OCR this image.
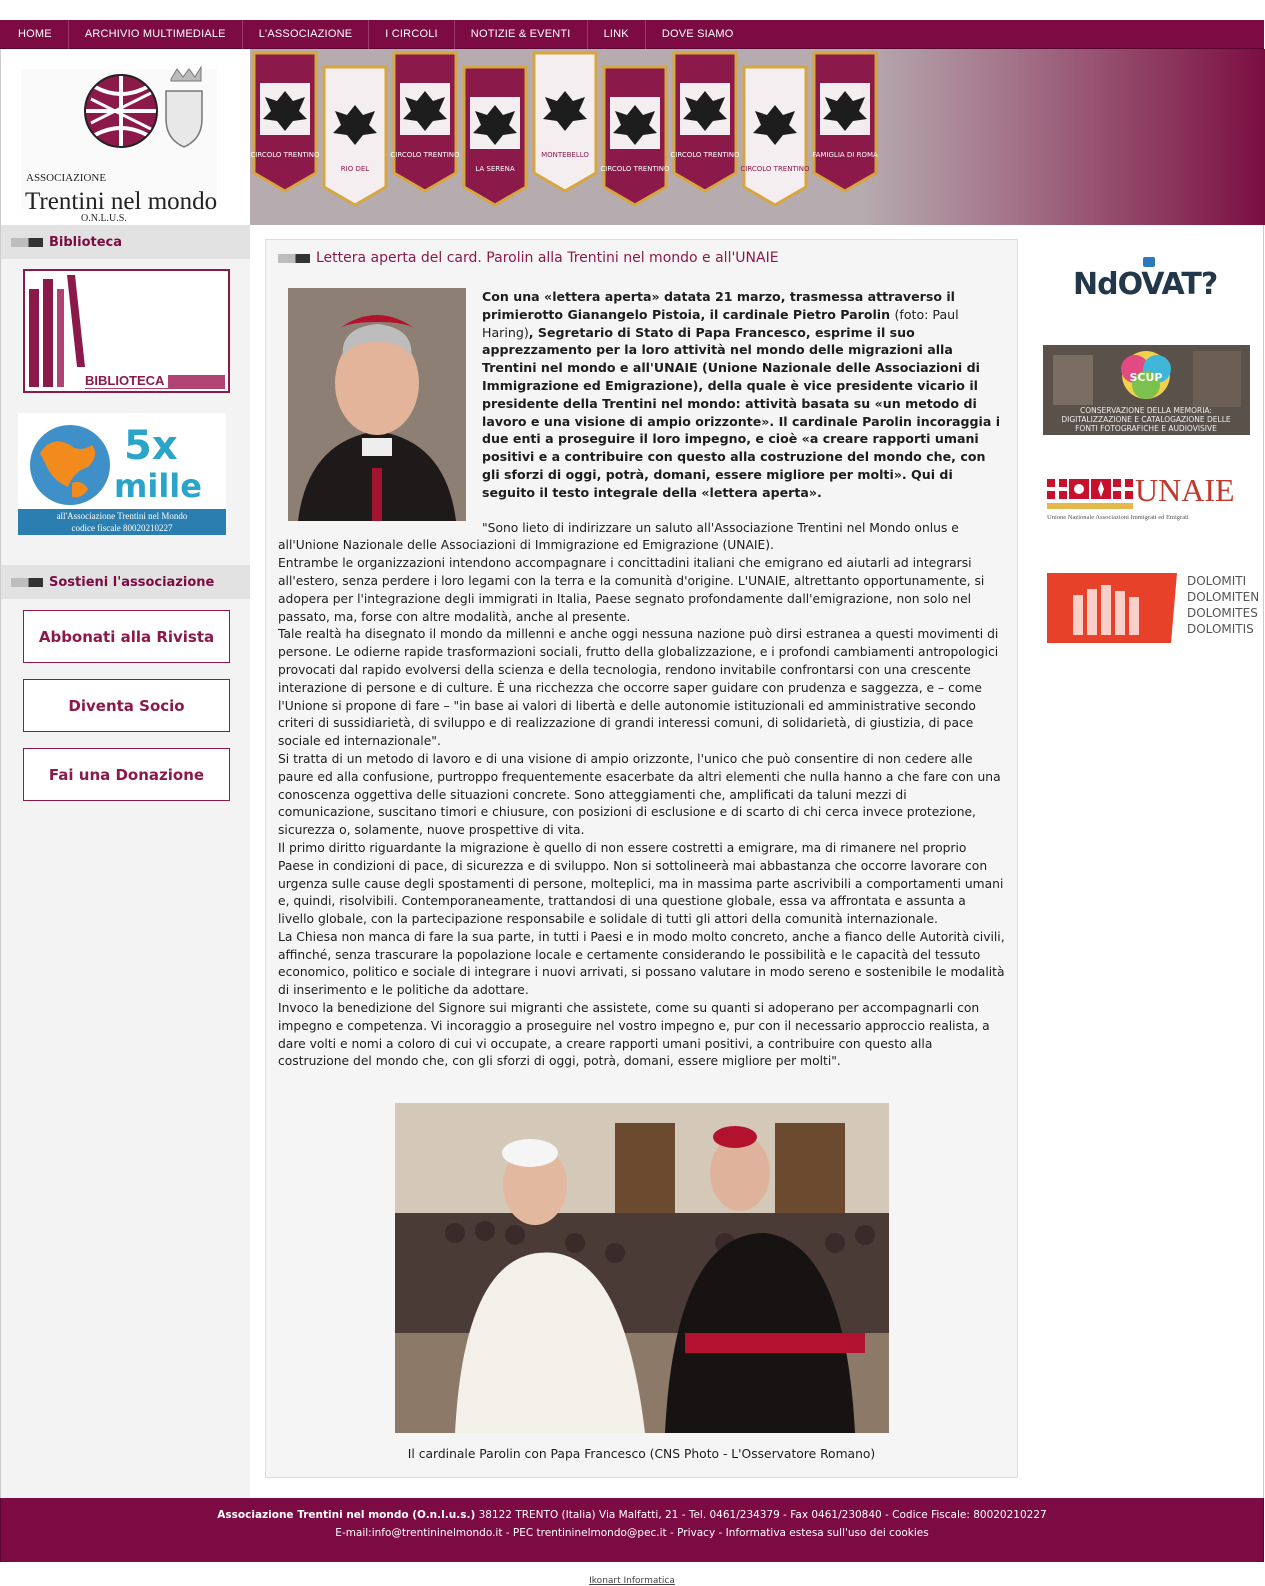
HOME	ARCHIVIO MULTIMEDIALE	L'ASSOCIAZIONE	I CIRCOLI	NOTIZIE & EVENTI	LINK	DOVE SIAMO
ASSOCIAZIONE
Trentini nel mondo
O.N.L.U.S.
Biblioteca
BIBLIOTECA
5x
mille
all'Associazione Trentini nel Mondo
codice fiscale 80020210227
Sostieni l'associazione
Abbonati alla Rivista
Diventa Socio
Fai una Donazione
Lettera aperta del card. Parolin alla Trentini nel mondo e all'UNAIE
Con una «lettera aperta» datata 21 marzo, trasmessa attraverso il primierotto Gianangelo Pistoia, il cardinale Pietro Parolin (foto: Paul Haring), Segretario di Stato di Papa Francesco, esprime il suo apprezzamento per la loro attività nel mondo delle migrazioni alla Trentini nel mondo e all'UNAIE (Unione Nazionale delle Associazioni di Immigrazione ed Emigrazione), della quale è vice presidente vicario il presidente della Trentini nel mondo: attività basata su «un metodo di lavoro e una visione di ampio orizzonte». Il cardinale Parolin incoraggia i due enti a proseguire il loro impegno, e cioè «a creare rapporti umani positivi e a contribuire con questo alla costruzione del mondo che, con gli sforzi di oggi, potrà, domani, essere migliore per molti». Qui di seguito il testo integrale della «lettera aperta».

"Sono lieto di indirizzare un saluto all'Associazione Trentini nel Mondo onlus e all'Unione Nazionale delle Associazioni di Immigrazione ed Emigrazione (UNAIE).

Entrambe le organizzazioni intendono accompagnare i concittadini italiani che emigrano ed aiutarli ad integrarsi all'estero, senza perdere i loro legami con la terra e la comunità d'origine. L'UNAIE, altrettanto opportunamente, si adopera per l'integrazione degli immigrati in Italia, Paese segnato profondamente dall'emigrazione, non solo nel passato, ma, forse con altre modalità, anche al presente.

Tale realtà ha disegnato il mondo da millenni e anche oggi nessuna nazione può dirsi estranea a questi movimenti di persone. Le odierne rapide trasformazioni sociali, frutto della globalizzazione, e i profondi cambiamenti antropologici provocati dal rapido evolversi della scienza e della tecnologia, rendono invitabile confrontarsi con una crescente interazione di persone e di culture. È una ricchezza che occorre saper guidare con prudenza e saggezza, e – come l'Unione si propone di fare – "in base ai valori di libertà e delle autonomie istituzionali ed amministrative secondo criteri di sussidiarietà, di sviluppo e di realizzazione di grandi interessi comuni, di solidarietà, di giustizia, di pace sociale ed internazionale".

Si tratta di un metodo di lavoro e di una visione di ampio orizzonte, l'unico che può consentire di non cedere alle paure ed alla confusione, purtroppo frequentemente esacerbate da altri elementi che nulla hanno a che fare con una conoscenza oggettiva delle situazioni concrete. Sono atteggiamenti che, amplificati da taluni mezzi di comunicazione, suscitano timori e chiusure, con posizioni di esclusione e di scarto di chi cerca invece protezione, sicurezza o, solamente, nuove prospettive di vita.

Il primo diritto riguardante la migrazione è quello di non essere costretti a emigrare, ma di rimanere nel proprio Paese in condizioni di pace, di sicurezza e di sviluppo. Non si sottolineerà mai abbastanza che occorre lavorare con urgenza sulle cause degli spostamenti di persone, molteplici, ma in massima parte ascrivibili a comportamenti umani e, quindi, risolvibili. Contemporaneamente, trattandosi di una questione globale, essa va affrontata e assunta a livello globale, con la partecipazione responsabile e solidale di tutti gli attori della comunità internazionale.

La Chiesa non manca di fare la sua parte, in tutti i Paesi e in modo molto concreto, anche a fianco delle Autorità civili, affinché, senza trascurare la popolazione locale e certamente considerando le possibilità e le capacità del tessuto economico, politico e sociale di integrare i nuovi arrivati, si possano valutare in modo sereno e sostenibile le modalità di inserimento e le politiche da adottare.

Invoco la benedizione del Signore sui migranti che assistete, come su quanti si adoperano per accompagnarli con impegno e competenza. Vi incoraggio a proseguire nel vostro impegno e, pur con il necessario approccio realista, a dare volti e nomi a coloro di cui vi occupate, a creare rapporti umani positivi, a contribuire con questo alla costruzione del mondo che, con gli sforzi di oggi, potrà, domani, essere migliore per molti".

Il cardinale Parolin con Papa Francesco (CNS Photo - L'Osservatore Romano)
NdOVAT?
SCUP
CONSERVAZIONE DELLA MEMORIA:
DIGITALIZZAZIONE E CATALOGAZIONE DELLE
FONTI FOTOGRAFICHE E AUDIOVISIVE
UNAIE
Unione Nazionale Associazioni Immigrati ed Emigrati
DOLOMITI
DOLOMITEN
DOLOMITES
DOLOMITIS
Associazione Trentini nel mondo (O.n.l.u.s.) 38122 TRENTO (Italia) Via Malfatti, 21 - Tel. 0461/234379 - Fax 0461/230840 - Codice Fiscale: 80020210227
E-mail:info@trentininelmondo.it - PEC trentininelmondo@pec.it - Privacy - Informativa estesa sull'uso dei cookies
Ikonart Informatica
